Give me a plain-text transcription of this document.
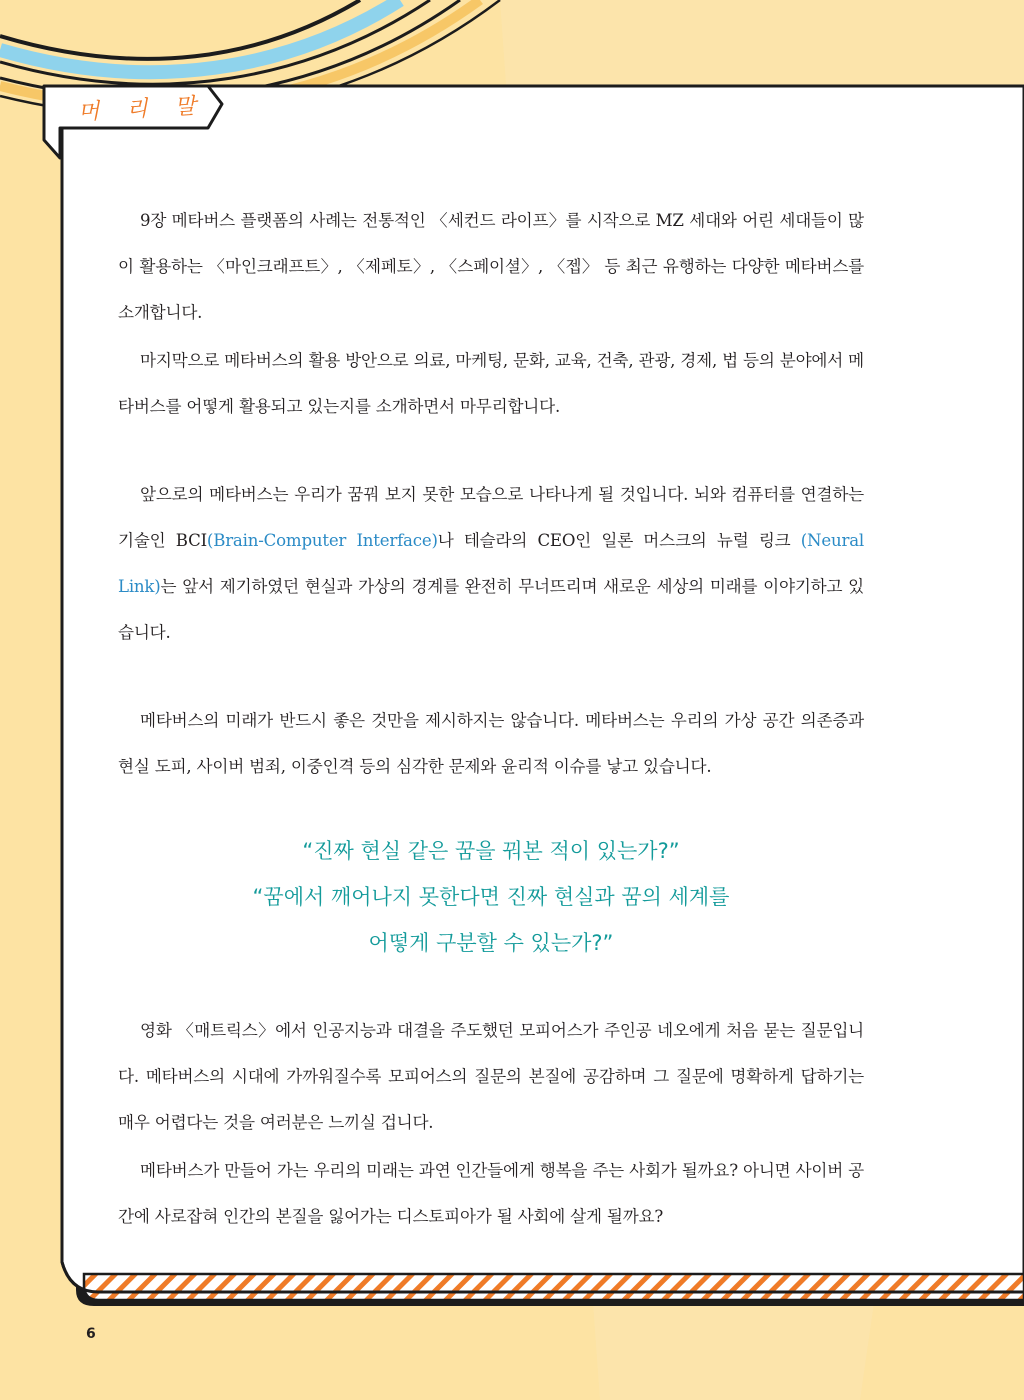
머 리 말

9장 메타버스 플랫폼의 사례는 전통적인 〈세컨드 라이프〉를 시작으로 MZ 세대와 어린 세대들이 많이 활용하는 〈마인크래프트〉, 〈제페토〉, 〈스페이셜〉, 〈젭〉 등 최근 유행하는 다양한 메타버스를 소개합니다.

마지막으로 메타버스의 활용 방안으로 의료, 마케팅, 문화, 교육, 건축, 관광, 경제, 법 등의 분야에서 메타버스를 어떻게 활용되고 있는지를 소개하면서 마무리합니다.

앞으로의 메타버스는 우리가 꿈꿔 보지 못한 모습으로 나타나게 될 것입니다. 뇌와 컴퓨터를 연결하는 기술인 BCI(Brain-Computer Interface)나 테슬라의 CEO인 일론 머스크의 뉴럴 링크 (Neural Link)는 앞서 제기하였던 현실과 가상의 경계를 완전히 무너뜨리며 새로운 세상의 미래를 이야기하고 있습니다.

메타버스의 미래가 반드시 좋은 것만을 제시하지는 않습니다. 메타버스는 우리의 가상 공간 의존증과 현실 도피, 사이버 범죄, 이중인격 등의 심각한 문제와 윤리적 이슈를 낳고 있습니다.

“진짜 현실 같은 꿈을 꿔본 적이 있는가?”
“꿈에서 깨어나지 못한다면 진짜 현실과 꿈의 세계를
어떻게 구분할 수 있는가?”

영화 〈매트릭스〉에서 인공지능과 대결을 주도했던 모피어스가 주인공 네오에게 처음 묻는 질문입니다. 메타버스의 시대에 가까워질수록 모피어스의 질문의 본질에 공감하며 그 질문에 명확하게 답하기는 매우 어렵다는 것을 여러분은 느끼실 겁니다.

메타버스가 만들어 가는 우리의 미래는 과연 인간들에게 행복을 주는 사회가 될까요? 아니면 사이버 공간에 사로잡혀 인간의 본질을 잃어가는 디스토피아가 될 사회에 살게 될까요?

6
